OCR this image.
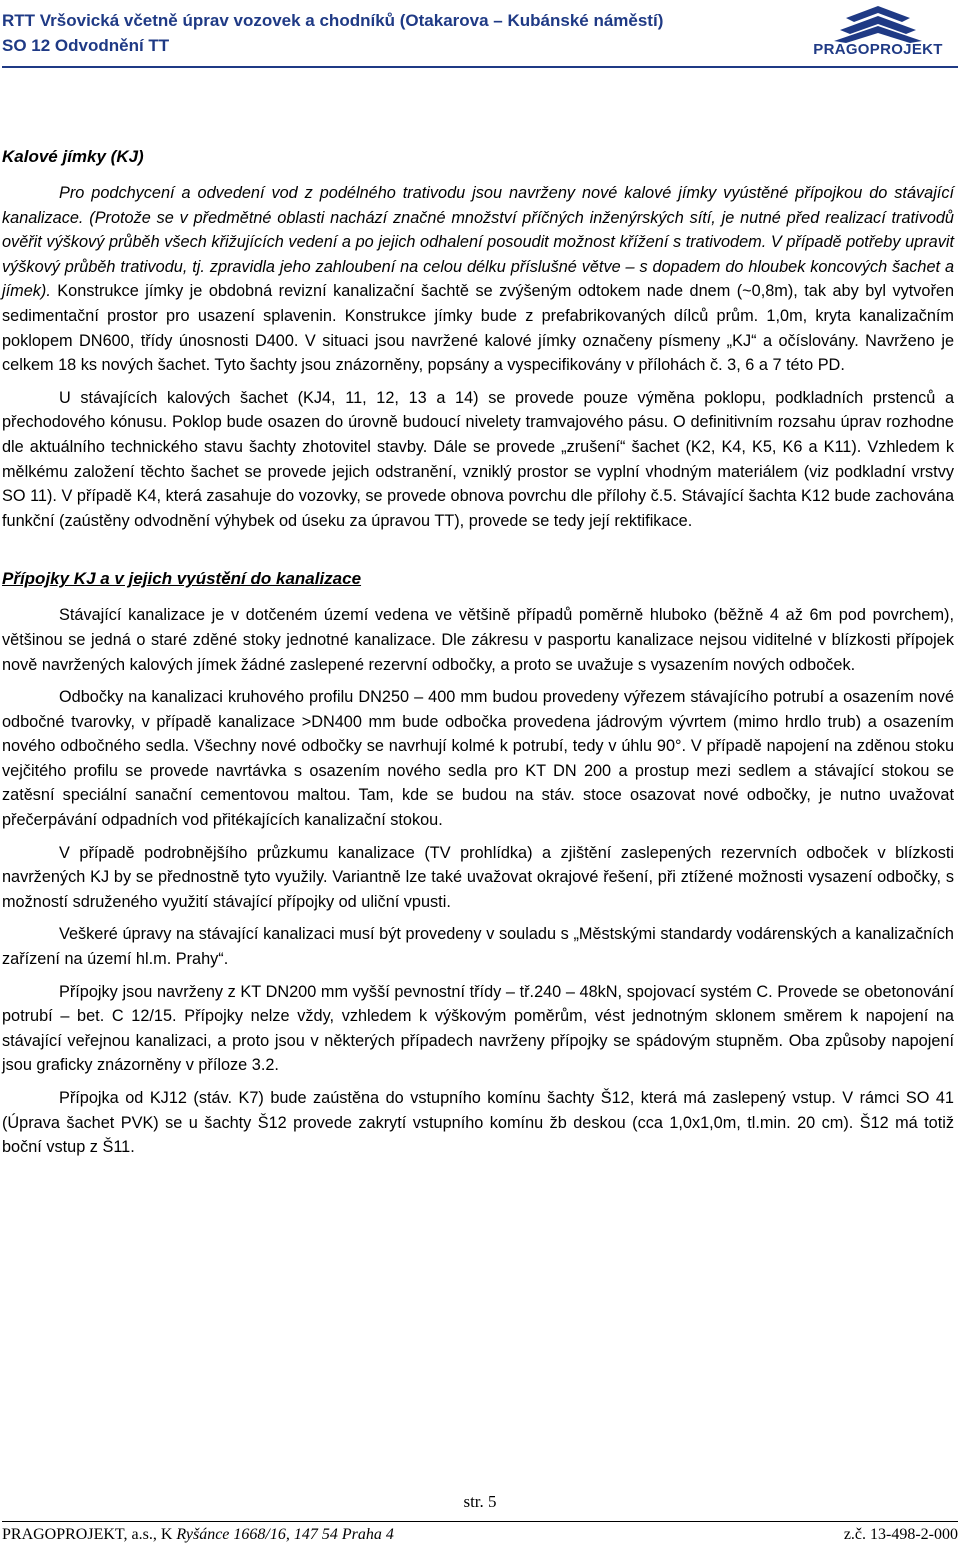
RTT Vršovická včetně úprav vozovek a chodníků (Otakarova – Kubánské náměstí)
SO 12 Odvodnění TT	PRAGOPROJEKT
Kalové jímky (KJ)

Pro podchycení a odvedení vod z podélného trativodu jsou navrženy nové kalové jímky vyústěné přípojkou do stávající kanalizace. (Protože se v předmětné oblasti nachází značné množství příčných inženýrských sítí, je nutné před realizací trativodů ověřit výškový průběh všech křižujících vedení a po jejich odhalení posoudit možnost křížení s trativodem. V případě potřeby upravit výškový průběh trativodu, tj. zpravidla jeho zahloubení na celou délku příslušné větve – s dopadem do hloubek koncových šachet a jímek). Konstrukce jímky je obdobná revizní kanalizační šachtě se zvýšeným odtokem nade dnem (~0,8m), tak aby byl vytvořen sedimentační prostor pro usazení splavenin. Konstrukce jímky bude z prefabrikovaných dílců prům. 1,0m, kryta kanalizačním poklopem DN600, třídy únosnosti D400. V situaci jsou navržené kalové jímky označeny písmeny „KJ“ a očíslovány. Navrženo je celkem 18 ks nových šachet. Tyto šachty jsou znázorněny, popsány a vyspecifikovány v přílohách č. 3, 6 a 7 této PD.

U stávajících kalových šachet (KJ4, 11, 12, 13 a 14) se provede pouze výměna poklopu, podkladních prstenců a přechodového kónusu. Poklop bude osazen do úrovně budoucí nivelety tramvajového pásu. O definitivním rozsahu úprav rozhodne dle aktuálního technického stavu šachty zhotovitel stavby. Dále se provede „zrušení“ šachet (K2, K4, K5, K6 a K11). Vzhledem k mělkému založení těchto šachet se provede jejich odstranění, vzniklý prostor se vyplní vhodným materiálem (viz podkladní vrstvy SO 11). V případě K4, která zasahuje do vozovky, se provede obnova povrchu dle přílohy č.5. Stávající šachta K12 bude zachována funkční (zaústěny odvodnění výhybek od úseku za úpravou TT), provede se tedy její rektifikace.

Přípojky KJ a v jejich vyústění do kanalizace

Stávající kanalizace je v dotčeném území vedena ve většině případů poměrně hluboko (běžně 4 až 6m pod povrchem), většinou se jedná o staré zděné stoky jednotné kanalizace. Dle zákresu v pasportu kanalizace nejsou viditelné v blízkosti přípojek nově navržených kalových jímek žádné zaslepené rezervní odbočky, a proto se uvažuje s vysazením nových odboček.

Odbočky na kanalizaci kruhového profilu DN250 – 400 mm budou provedeny výřezem stávajícího potrubí a osazením nové odbočné tvarovky, v případě kanalizace >DN400 mm bude odbočka provedena jádrovým vývrtem (mimo hrdlo trub) a osazením nového odbočného sedla. Všechny nové odbočky se navrhují kolmé k potrubí, tedy v úhlu 90°. V případě napojení na zděnou stoku vejčitého profilu se provede navrtávka s osazením nového sedla pro KT DN 200 a prostup mezi sedlem a stávající stokou se zatěsní speciální sanační cementovou maltou. Tam, kde se budou na stáv. stoce osazovat nové odbočky, je nutno uvažovat přečerpávání odpadních vod přitékajících kanalizační stokou.

V případě podrobnějšího průzkumu kanalizace (TV prohlídka) a zjištění zaslepených rezervních odboček v blízkosti navržených KJ by se přednostně tyto využily. Variantně lze také uvažovat okrajové řešení, při ztížené možnosti vysazení odbočky, s možností sdruženého využití stávající přípojky od uliční vpusti.

Veškeré úpravy na stávající kanalizaci musí být provedeny v souladu s „Městskými standardy vodárenských a kanalizačních zařízení na území hl.m. Prahy“.

Přípojky jsou navrženy z KT DN200 mm vyšší pevnostní třídy – tř.240 – 48kN, spojovací systém C. Provede se obetonování potrubí – bet. C 12/15. Přípojky nelze vždy, vzhledem k výškovým poměrům, vést jednotným sklonem směrem k napojení na stávající veřejnou kanalizaci, a proto jsou v některých případech navrženy přípojky se spádovým stupněm. Oba způsoby napojení jsou graficky znázorněny v příloze 3.2.

Přípojka od KJ12 (stáv. K7) bude zaústěna do vstupního komínu šachty Š12, která má zaslepený vstup. V rámci SO 41 (Úprava šachet PVK) se u šachty Š12 provede zakrytí vstupního komínu žb deskou (cca 1,0x1,0m, tl.min. 20 cm). Š12 má totiž boční vstup z Š11.

str. 5
PRAGOPROJEKT, a.s., K Ryšánce 1668/16, 147 54 Praha 4	z.č. 13-498-2-000
